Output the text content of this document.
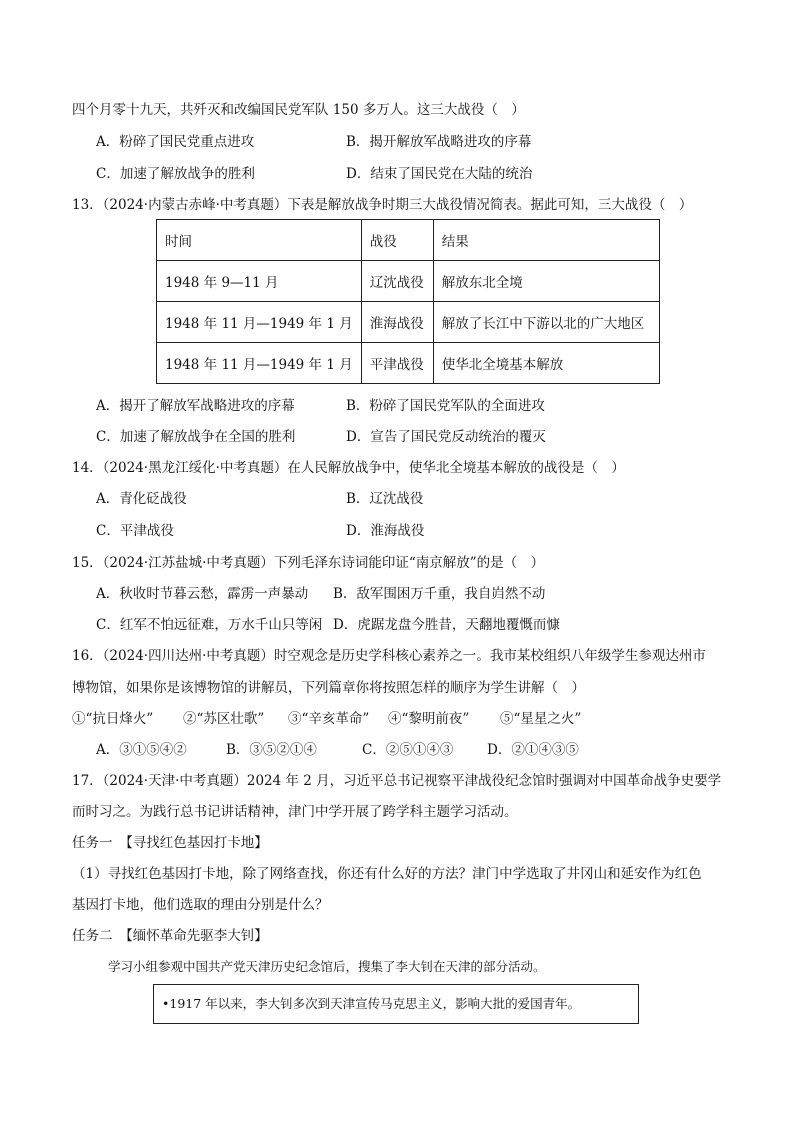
四个月零十九天，共歼灭和改编国民党军队 150 多万人。这三大战役（　）
A．粉碎了国民党重点进攻	B．揭开解放军战略进攻的序幕
C．加速了解放战争的胜利	D．结束了国民党在大陆的统治
13．（2024·内蒙古赤峰·中考真题）下表是解放战争时期三大战役情况简表。据此可知，三大战役（　）
时间	战役	结果
1948 年 9—11 月	辽沈战役	解放东北全境
1948 年 11 月—1949 年 1 月	淮海战役	解放了长江中下游以北的广大地区
1948 年 11 月—1949 年 1 月	平津战役	使华北全境基本解放
A．揭开了解放军战略进攻的序幕	B．粉碎了国民党军队的全面进攻
C．加速了解放战争在全国的胜利	D．宣告了国民党反动统治的覆灭
14．（2024·黑龙江绥化·中考真题）在人民解放战争中，使华北全境基本解放的战役是（　）
A．青化砭战役	B．辽沈战役
C．平津战役	D．淮海战役
15．（2024·江苏盐城·中考真题）下列毛泽东诗词能印证“南京解放”的是（　）
A．秋收时节暮云愁，霹雳一声暴动 B．敌军围困万千重，我自岿然不动
C．红军不怕远征难，万水千山只等闲 D．虎踞龙盘今胜昔，天翻地覆慨而慷
16．（2024·四川达州·中考真题）时空观念是历史学科核心素养之一。我市某校组织八年级学生参观达州市
博物馆，如果你是该博物馆的讲解员，下列篇章你将按照怎样的顺序为学生讲解（　）
①“抗日烽火” ②“苏区壮歌” ③“辛亥革命” ④“黎明前夜” ⑤“星星之火”
A．③①⑤④②	B．③⑤②①④	C．②⑤①④③ D．②①④③⑤
17．（2024·天津·中考真题）2024 年 2 月，习近平总书记视察平津战役纪念馆时强调对中国革命战争史要学
而时习之。为践行总书记讲话精神，津门中学开展了跨学科主题学习活动。
任务一　【寻找红色基因打卡地】
（1）寻找红色基因打卡地，除了网络查找，你还有什么好的方法？津门中学选取了井冈山和延安作为红色
基因打卡地，他们选取的理由分别是什么？
任务二　【缅怀革命先驱李大钊】
学习小组参观中国共产党天津历史纪念馆后，搜集了李大钊在天津的部分活动。
•1917 年以来，李大钊多次到天津宣传马克思主义，影响大批的爱国青年。
